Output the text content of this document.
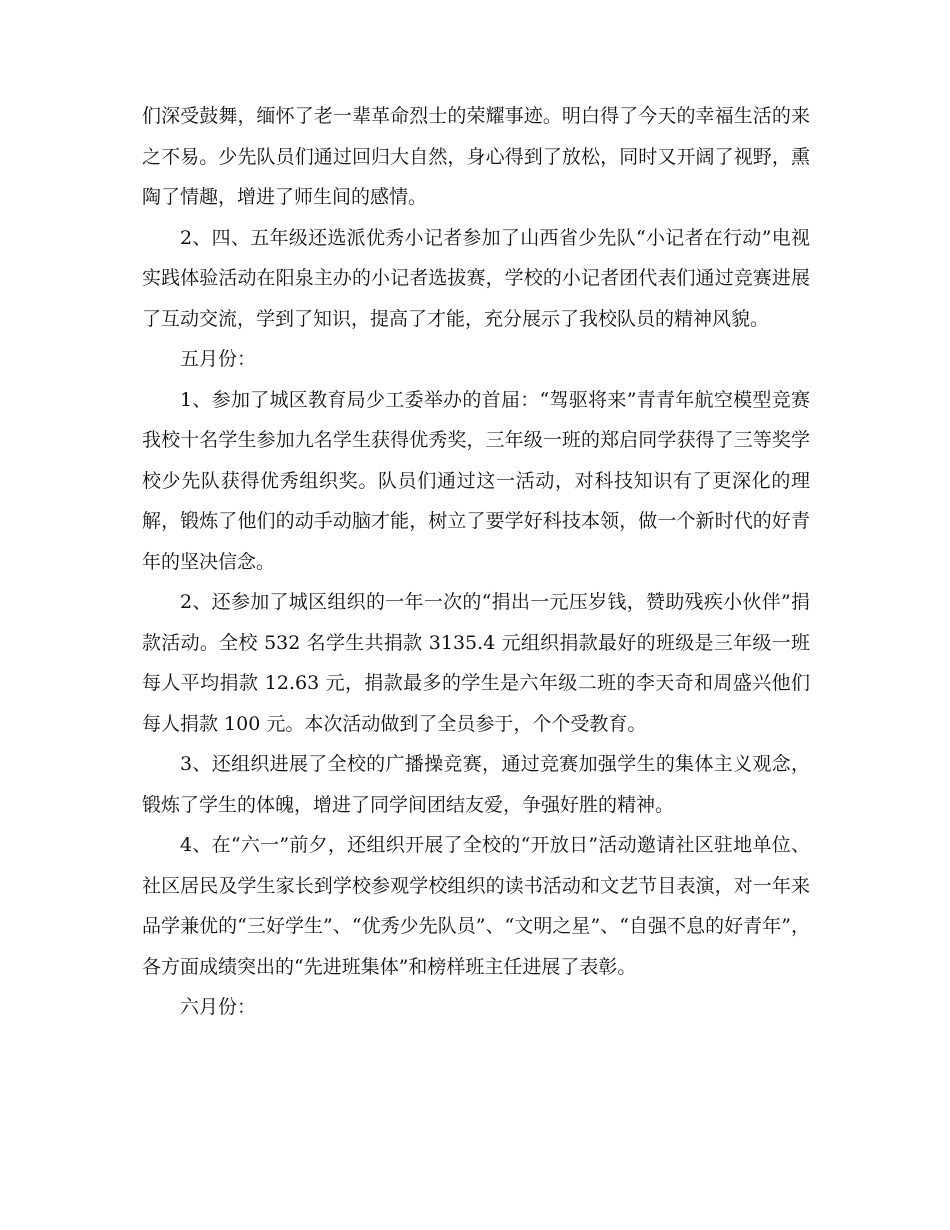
们深受鼓舞，缅怀了老一辈革命烈士的荣耀事迹。明白得了今天的幸福生活的来之不易。少先队员们通过回归大自然，身心得到了放松，同时又开阔了视野，熏陶了情趣，增进了师生间的感情。

2、四、五年级还选派优秀小记者参加了山西省少先队“小记者在行动”电视实践体验活动在阳泉主办的小记者选拔赛，学校的小记者团代表们通过竞赛进展了互动交流，学到了知识，提高了才能，充分展示了我校队员的精神风貌。

五月份：

1、参加了城区教育局少工委举办的首届：“驾驱将来”青青年航空模型竞赛我校十名学生参加九名学生获得优秀奖，三年级一班的郑启同学获得了三等奖学校少先队获得优秀组织奖。队员们通过这一活动，对科技知识有了更深化的理解，锻炼了他们的动手动脑才能，树立了要学好科技本领，做一个新时代的好青年的坚决信念。

2、还参加了城区组织的一年一次的“捐出一元压岁钱，赞助残疾小伙伴”捐款活动。全校 532 名学生共捐款 3135.4 元组织捐款最好的班级是三年级一班每人平均捐款 12.63 元，捐款最多的学生是六年级二班的李天奇和周盛兴他们每人捐款 100 元。本次活动做到了全员参于，个个受教育。

3、还组织进展了全校的广播操竞赛，通过竞赛加强学生的集体主义观念，锻炼了学生的体魄，增进了同学间团结友爱，争强好胜的精神。

4、在“六一”前夕，还组织开展了全校的“开放日”活动邀请社区驻地单位、社区居民及学生家长到学校参观学校组织的读书活动和文艺节目表演，对一年来品学兼优的“三好学生”、“优秀少先队员”、“文明之星”、“自强不息的好青年”，各方面成绩突出的“先进班集体”和榜样班主任进展了表彰。

六月份：
